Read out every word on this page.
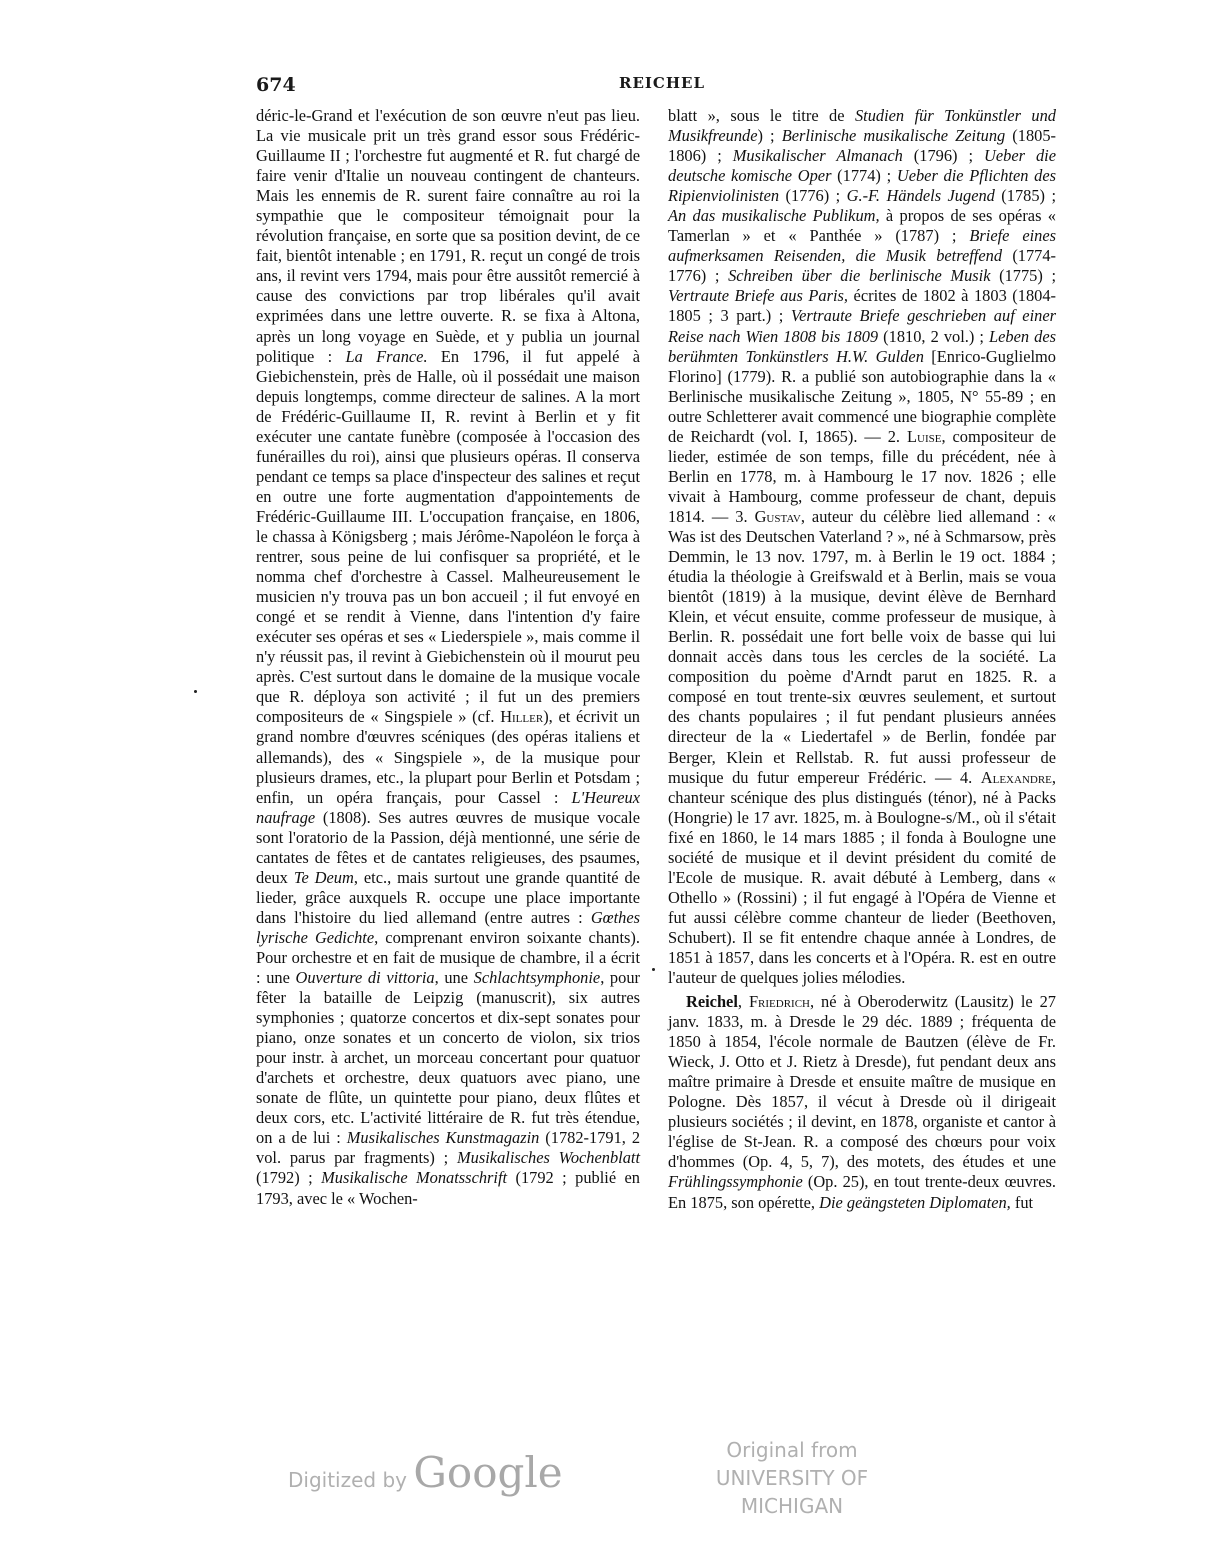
674	REICHEL

déric-le-Grand et l'exécution de son œuvre n'eut pas lieu. La vie musicale prit un très grand essor sous Frédéric-Guillaume II ; l'orchestre fut augmenté et R. fut chargé de faire venir d'Italie un nouveau contingent de chanteurs. Mais les ennemis de R. surent faire connaître au roi la sympathie que le compositeur témoignait pour la révolution française, en sorte que sa position devint, de ce fait, bientôt intenable ; en 1791, R. reçut un congé de trois ans, il revint vers 1794, mais pour être aussitôt remercié à cause des convictions par trop libérales qu'il avait exprimées dans une lettre ouverte. R. se fixa à Altona, après un long voyage en Suède, et y publia un journal politique : La France. En 1796, il fut appelé à Giebichenstein, près de Halle, où il possédait une maison depuis longtemps, comme directeur de salines. A la mort de Frédéric-Guillaume II, R. revint à Berlin et y fit exécuter une cantate funèbre (composée à l'occasion des funérailles du roi), ainsi que plusieurs opéras. Il conserva pendant ce temps sa place d'inspecteur des salines et reçut en outre une forte augmentation d'appointements de Frédéric-Guillaume III. L'occupation française, en 1806, le chassa à Königsberg ; mais Jérôme-Napoléon le força à rentrer, sous peine de lui confisquer sa propriété, et le nomma chef d'orchestre à Cassel. Malheureusement le musicien n'y trouva pas un bon accueil ; il fut envoyé en congé et se rendit à Vienne, dans l'intention d'y faire exécuter ses opéras et ses « Liederspiele », mais comme il n'y réussit pas, il revint à Giebichenstein où il mourut peu après. C'est surtout dans le domaine de la musique vocale que R. déploya son activité ; il fut un des premiers compositeurs de « Singspiele » (cf. Hiller), et écrivit un grand nombre d'œuvres scéniques (des opéras italiens et allemands), des « Singspiele », de la musique pour plusieurs drames, etc., la plupart pour Berlin et Potsdam ; enfin, un opéra français, pour Cassel : L'Heureux naufrage (1808). Ses autres œuvres de musique vocale sont l'oratorio de la Passion, déjà mentionné, une série de cantates de fêtes et de cantates religieuses, des psaumes, deux Te Deum, etc., mais surtout une grande quantité de lieder, grâce auxquels R. occupe une place importante dans l'histoire du lied allemand (entre autres : Gœthes lyrische Gedichte, comprenant environ soixante chants). Pour orchestre et en fait de musique de chambre, il a écrit : une Ouverture di vittoria, une Schlachtsymphonie, pour fêter la bataille de Leipzig (manuscrit), six autres symphonies ; quatorze concertos et dix-sept sonates pour piano, onze sonates et un concerto de violon, six trios pour instr. à archet, un morceau concertant pour quatuor d'archets et orchestre, deux quatuors avec piano, une sonate de flûte, un quintette pour piano, deux flûtes et deux cors, etc. L'activité littéraire de R. fut très étendue, on a de lui : Musikalisches Kunstmagazin (1782-1791, 2 vol. parus par fragments) ; Musikalisches Wochenblatt (1792) ; Musikalische Monatsschrift (1792 ; publié en 1793, avec le « Wochen-

blatt », sous le titre de Studien für Tonkünstler und Musikfreunde) ; Berlinische musikalische Zeitung (1805-1806) ; Musikalischer Almanach (1796) ; Ueber die deutsche komische Oper (1774) ; Ueber die Pflichten des Ripienviolinisten (1776) ; G.-F. Händels Jugend (1785) ; An das musikalische Publikum, à propos de ses opéras « Tamerlan » et « Panthée » (1787) ; Briefe eines aufmerksamen Reisenden, die Musik betreffend (1774-1776) ; Schreiben über die berlinische Musik (1775) ; Vertraute Briefe aus Paris, écrites de 1802 à 1803 (1804-1805 ; 3 part.) ; Vertraute Briefe geschrieben auf einer Reise nach Wien 1808 bis 1809 (1810, 2 vol.) ; Leben des berühmten Tonkünstlers H.W. Gulden [Enrico-Guglielmo Florino] (1779). R. a publié son autobiographie dans la « Berlinische musikalische Zeitung », 1805, N° 55-89 ; en outre Schletterer avait commencé une biographie complète de Reichardt (vol. I, 1865). — 2. Luise, compositeur de lieder, estimée de son temps, fille du précédent, née à Berlin en 1778, m. à Hambourg le 17 nov. 1826 ; elle vivait à Hambourg, comme professeur de chant, depuis 1814. — 3. Gustav, auteur du célèbre lied allemand : « Was ist des Deutschen Vaterland ? », né à Schmarsow, près Demmin, le 13 nov. 1797, m. à Berlin le 19 oct. 1884 ; étudia la théologie à Greifswald et à Berlin, mais se voua bientôt (1819) à la musique, devint élève de Bernhard Klein, et vécut ensuite, comme professeur de musique, à Berlin. R. possédait une fort belle voix de basse qui lui donnait accès dans tous les cercles de la société. La composition du poème d'Arndt parut en 1825. R. a composé en tout trente-six œuvres seulement, et surtout des chants populaires ; il fut pendant plusieurs années directeur de la « Liedertafel » de Berlin, fondée par Berger, Klein et Rellstab. R. fut aussi professeur de musique du futur empereur Frédéric. — 4. Alexandre, chanteur scénique des plus distingués (ténor), né à Packs (Hongrie) le 17 avr. 1825, m. à Boulogne-s/M., où il s'était fixé en 1860, le 14 mars 1885 ; il fonda à Boulogne une société de musique et il devint président du comité de l'Ecole de musique. R. avait débuté à Lemberg, dans « Othello » (Rossini) ; il fut engagé à l'Opéra de Vienne et fut aussi célèbre comme chanteur de lieder (Beethoven, Schubert). Il se fit entendre chaque année à Londres, de 1851 à 1857, dans les concerts et à l'Opéra. R. est en outre l'auteur de quelques jolies mélodies.

Reichel, Friedrich, né à Oberoderwitz (Lausitz) le 27 janv. 1833, m. à Dresde le 29 déc. 1889 ; fréquenta de 1850 à 1854, l'école normale de Bautzen (élève de Fr. Wieck, J. Otto et J. Rietz à Dresde), fut pendant deux ans maître primaire à Dresde et ensuite maître de musique en Pologne. Dès 1857, il vécut à Dresde où il dirigeait plusieurs sociétés ; il devint, en 1878, organiste et cantor à l'église de St-Jean. R. a composé des chœurs pour voix d'hommes (Op. 4, 5, 7), des motets, des études et une Frühlingssymphonie (Op. 25), en tout trente-deux œuvres. En 1875, son opérette, Die geängsteten Diplomaten, fut

Digitized by Google	Original from
UNIVERSITY OF MICHIGAN
